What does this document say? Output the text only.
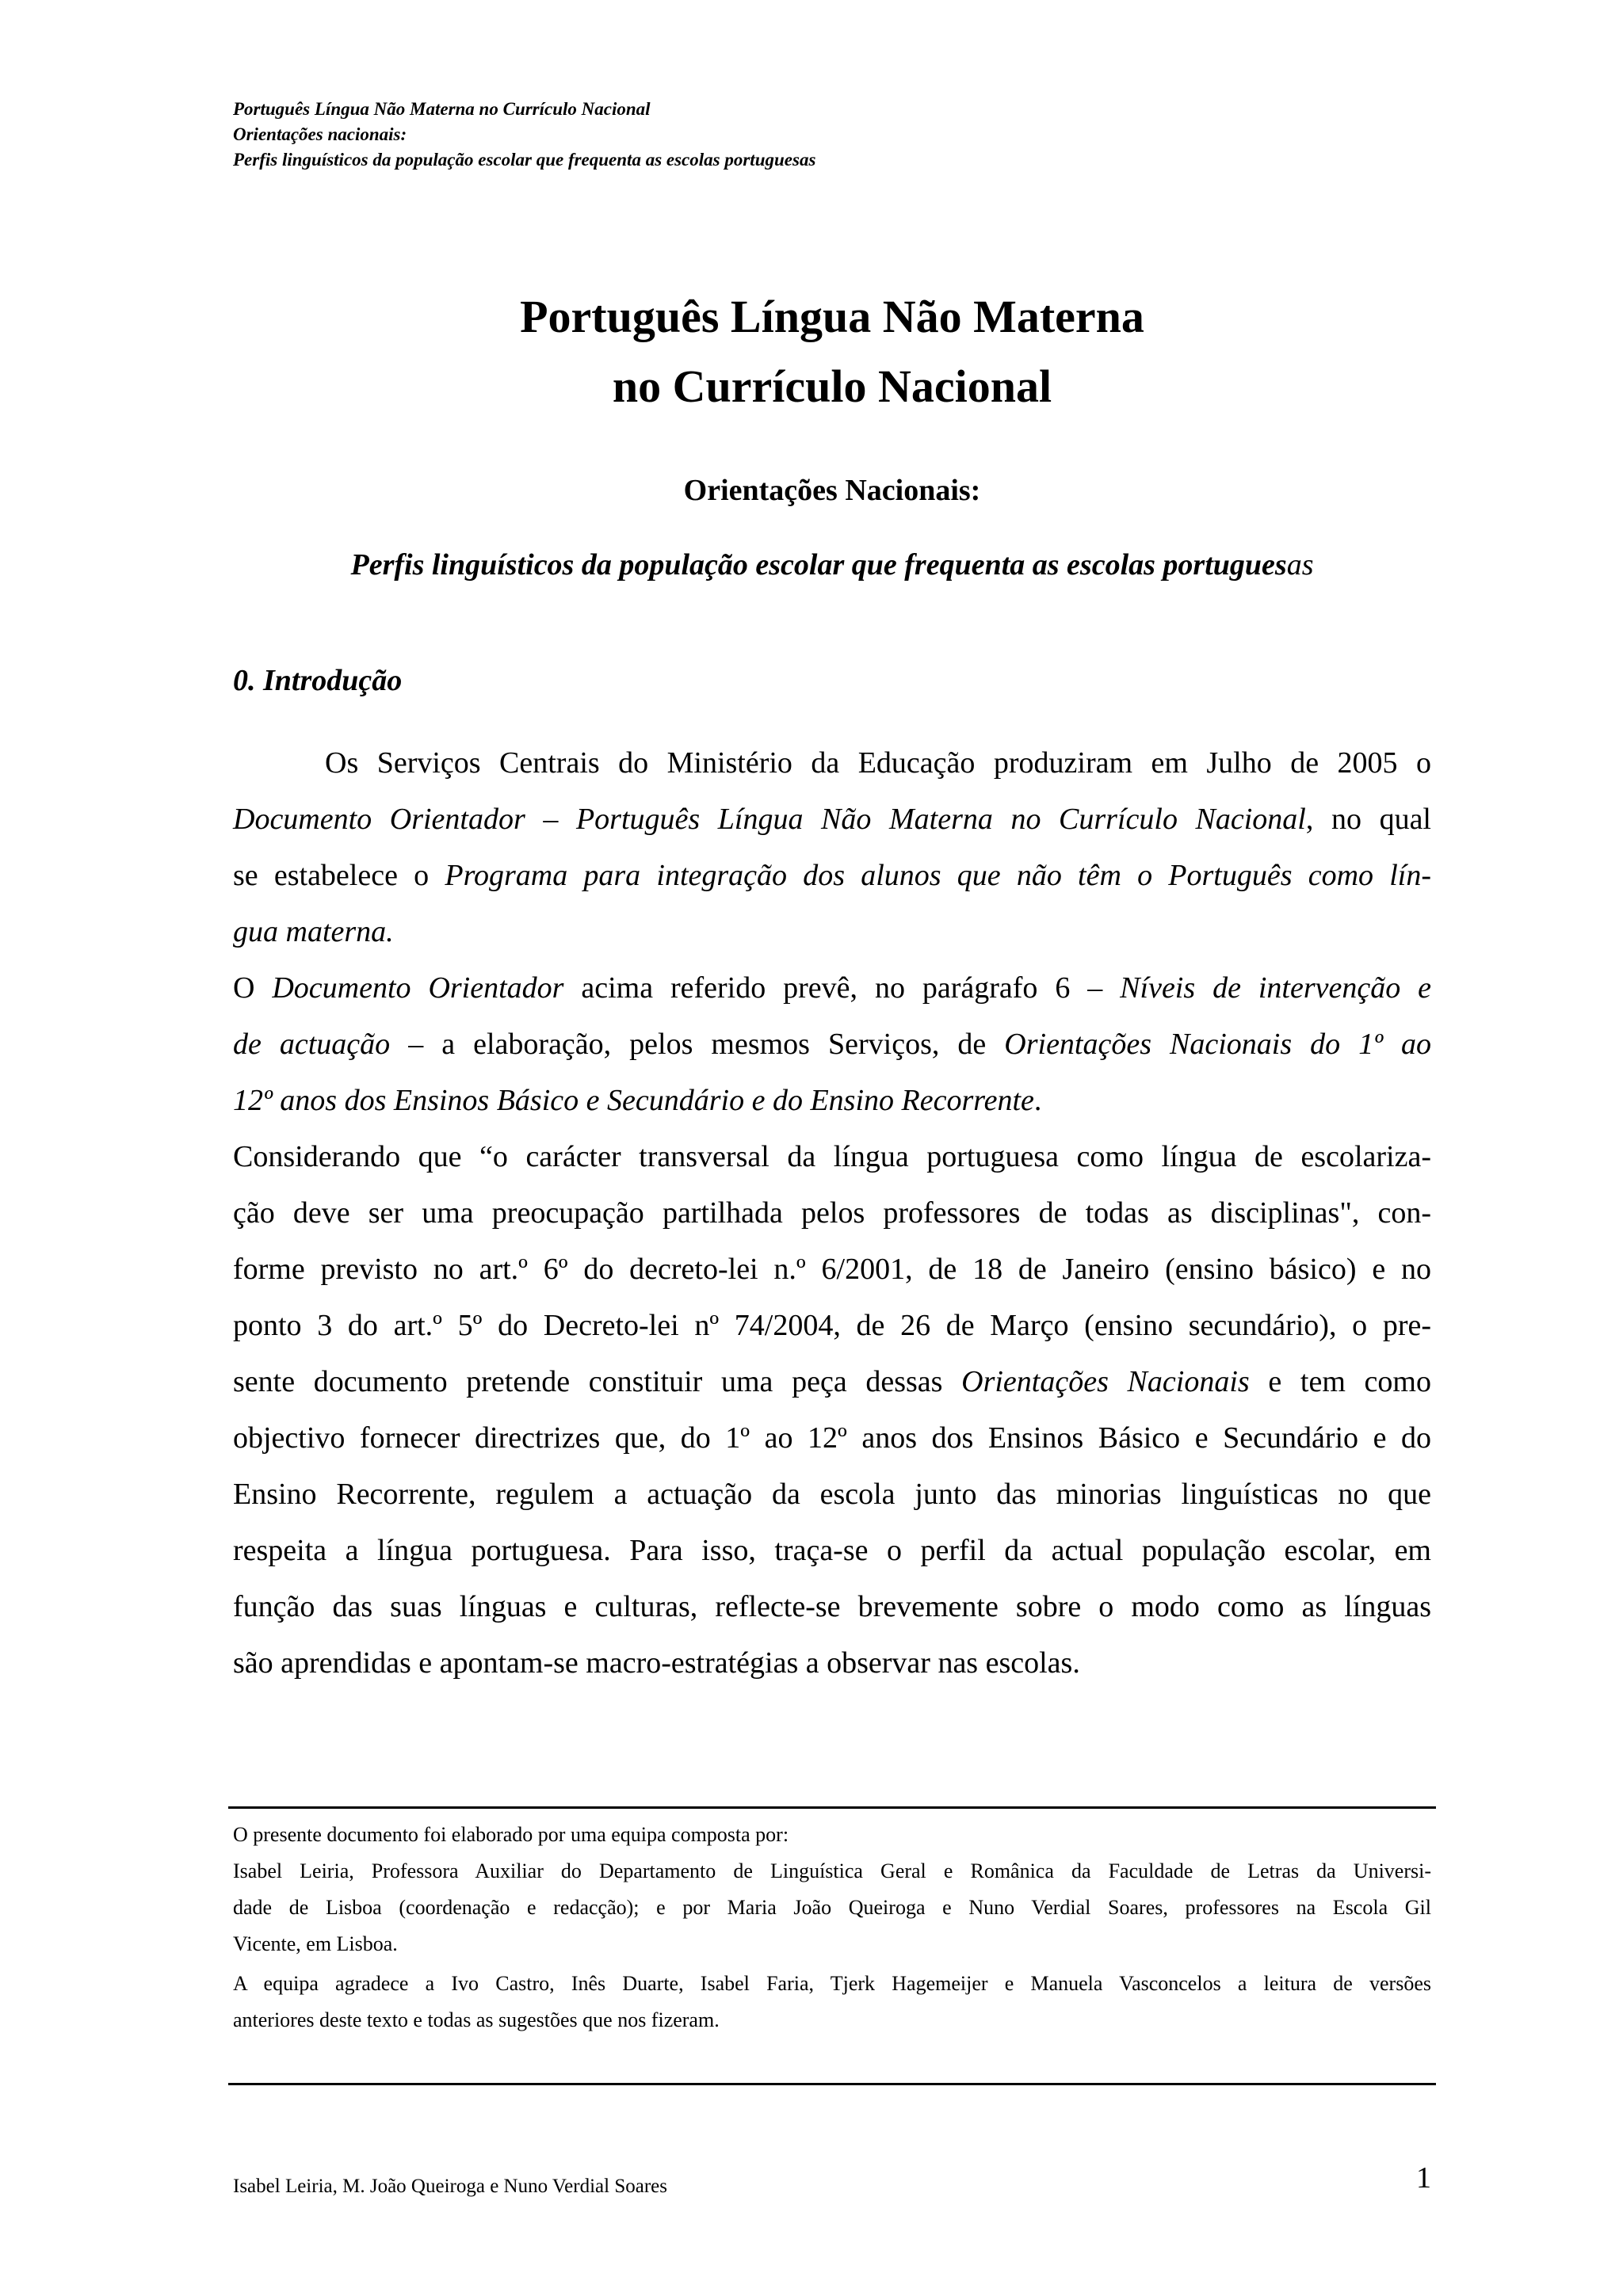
Português Língua Não Materna no Currículo Nacional
Orientações nacionais:
Perfis linguísticos da população escolar que frequenta as escolas portuguesas
Português Língua Não Materna
no Currículo Nacional
Orientações Nacionais:
Perfis linguísticos da população escolar que frequenta as escolas portuguesas
0. Introdução
Os Serviços Centrais do Ministério da Educação produziram em Julho de 2005 o
Documento Orientador – Português Língua Não Materna no Currículo Nacional, no qual
se estabelece o Programa para integração dos alunos que não têm o Português como lín-
gua materna.
O Documento Orientador acima referido prevê, no parágrafo 6 – Níveis de intervenção e
de actuação – a elaboração, pelos mesmos Serviços, de Orientações Nacionais do 1º ao
12º anos dos Ensinos Básico e Secundário e do Ensino Recorrente.
Considerando que “o carácter transversal da língua portuguesa como língua de escolariza-
ção deve ser uma preocupação partilhada pelos professores de todas as disciplinas", con-
forme previsto no art.º 6º do decreto-lei n.º 6/2001, de 18 de Janeiro (ensino básico) e no
ponto 3 do art.º 5º do Decreto-lei nº 74/2004, de 26 de Março (ensino secundário), o pre-
sente documento pretende constituir uma peça dessas Orientações Nacionais e tem como
objectivo fornecer directrizes que, do 1º ao 12º anos dos Ensinos Básico e Secundário e do
Ensino Recorrente, regulem a actuação da escola junto das minorias linguísticas no que
respeita a língua portuguesa. Para isso, traça-se o perfil da actual população escolar, em
função das suas línguas e culturas, reflecte-se brevemente sobre o modo como as línguas
são aprendidas e apontam-se macro-estratégias a observar nas escolas.
O presente documento foi elaborado por uma equipa composta por:
Isabel Leiria, Professora Auxiliar do Departamento de Linguística Geral e Românica da Faculdade de Letras da Universi-
dade de Lisboa (coordenação e redacção); e por Maria João Queiroga e Nuno Verdial Soares, professores na Escola Gil
Vicente, em Lisboa.
A equipa agradece a Ivo Castro, Inês Duarte, Isabel Faria, Tjerk Hagemeijer e Manuela Vasconcelos a leitura de versões
anteriores deste texto e todas as sugestões que nos fizeram.
Isabel Leiria, M. João Queiroga e Nuno Verdial Soares	1
